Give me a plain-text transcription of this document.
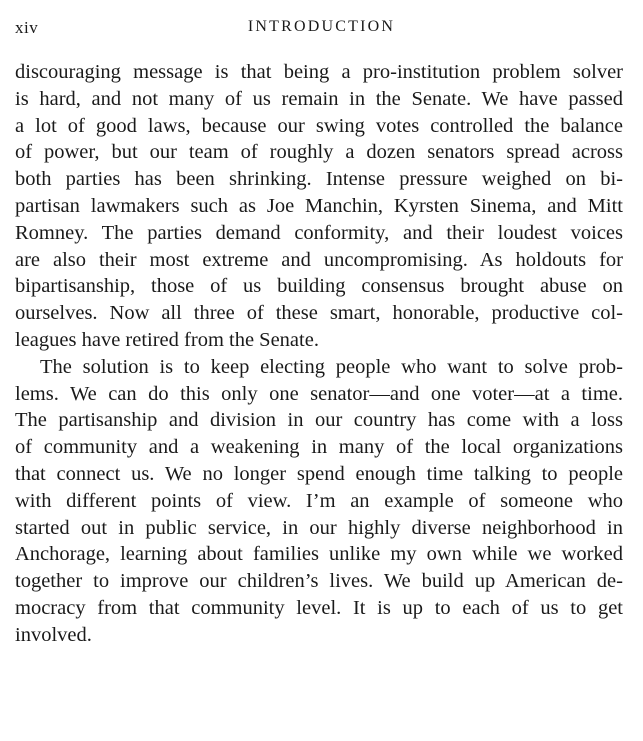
xiv	INTRODUCTION
discouraging message is that being a pro-institution problem solver
is hard, and not many of us remain in the Senate. We have passed
a lot of good laws, because our swing votes controlled the balance
of power, but our team of roughly a dozen senators spread across
both parties has been shrinking. Intense pressure weighed on bi-
partisan lawmakers such as Joe Manchin, Kyrsten Sinema, and Mitt
Romney. The parties demand conformity, and their loudest voices
are also their most extreme and uncompromising. As holdouts for
bipartisanship, those of us building consensus brought abuse on
ourselves. Now all three of these smart, honorable, productive col-
leagues have retired from the Senate.
The solution is to keep electing people who want to solve prob-
lems. We can do this only one senator—and one voter—at a time.
The partisanship and division in our country has come with a loss
of community and a weakening in many of the local organizations
that connect us. We no longer spend enough time talking to people
with different points of view. I’m an example of someone who
started out in public service, in our highly diverse neighborhood in
Anchorage, learning about families unlike my own while we worked
together to improve our children’s lives. We build up American de-
mocracy from that community level. It is up to each of us to get
involved.
